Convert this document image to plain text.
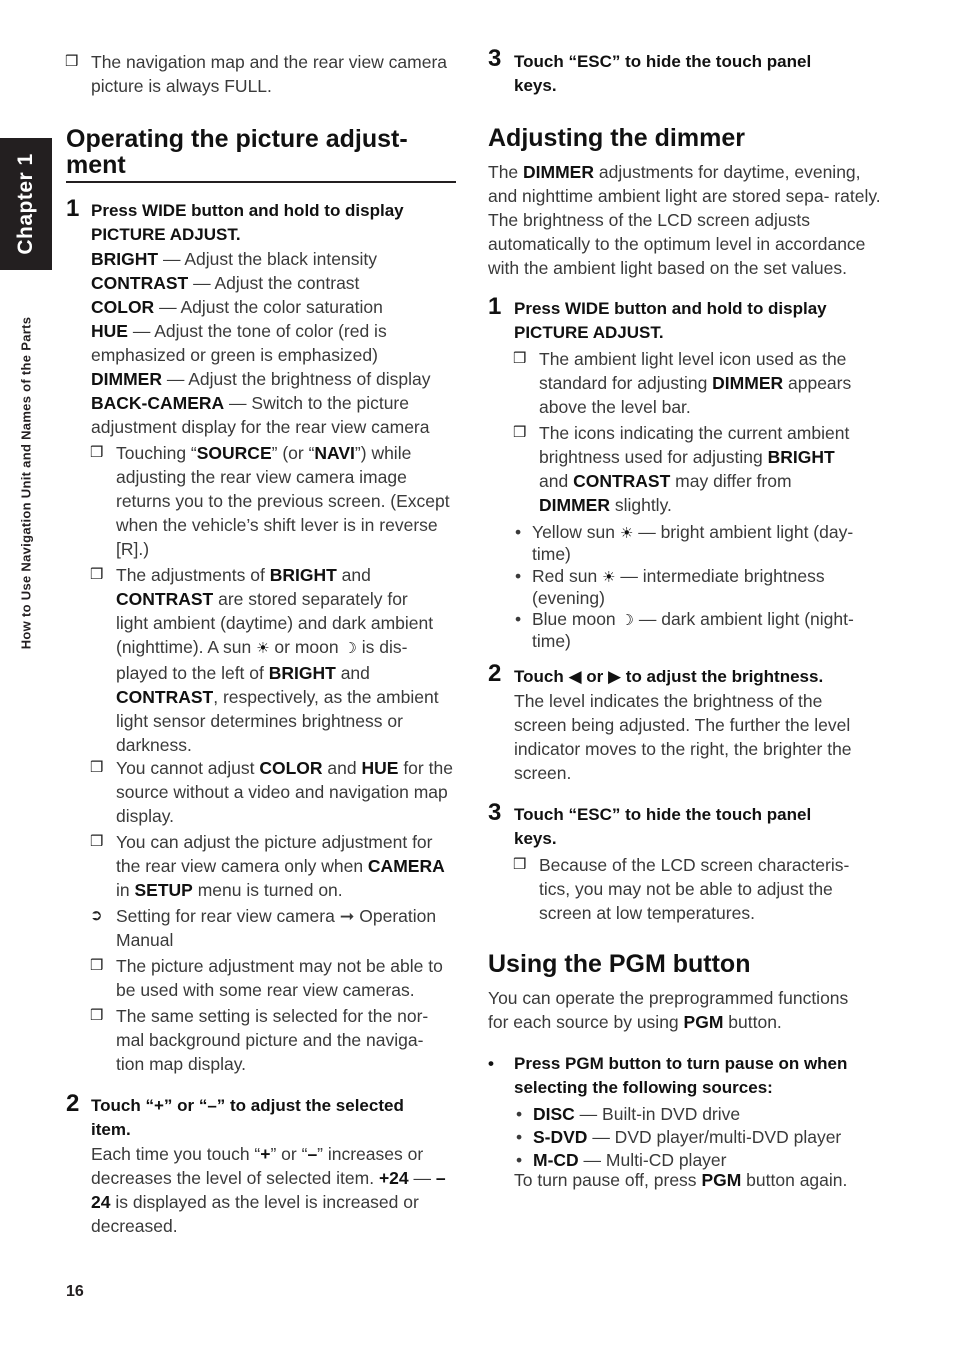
Chapter 1
How to Use Navigation Unit and Names of the Parts
16
❒ The navigation map and the rear view camera picture is always FULL.
Operating the picture adjust-
ment
1 Press WIDE button and hold to display
PICTURE ADJUST.
BRIGHT — Adjust the black intensity
CONTRAST — Adjust the contrast
COLOR — Adjust the color saturation
HUE — Adjust the tone of color (red is
emphasized or green is emphasized)
DIMMER — Adjust the brightness of display
BACK-CAMERA — Switch to the picture
adjustment display for the rear view camera
❒ Touching “SOURCE” (or “NAVI”) while adjusting the rear view camera image returns you to the previous screen. (Except when the vehicle’s shift lever is in reverse [R].)
❒ The adjustments of BRIGHT and
CONTRAST are stored separately for
light ambient (daytime) and dark ambient
(nighttime). A sun ☀ or moon ☽ is dis-
played to the left of BRIGHT and
CONTRAST, respectively, as the ambient
light sensor determines brightness or
darkness.
❒ You cannot adjust COLOR and HUE for the source without a video and navigation map display.
❒ You can adjust the picture adjustment for
the rear view camera only when CAMERA
in SETUP menu is turned on.
➲ Setting for rear view camera ➞ Operation
Manual
❒ The picture adjustment may not be able to be used with some rear view cameras.
❒ The same setting is selected for the nor-
mal background picture and the naviga-
tion map display.
2 Touch “+” or “–” to adjust the selected
item.
Each time you touch “+” or “–” increases or
decreases the level of selected item. +24 — –
24 is displayed as the level is increased or
decreased.
3 Touch “ESC” to hide the touch panel
keys.
Adjusting the dimmer
The DIMMER adjustments for daytime, evening, and nighttime ambient light are stored sepa- rately. The brightness of the LCD screen adjusts automatically to the optimum level in accordance with the ambient light based on the set values.
1 Press WIDE button and hold to display
PICTURE ADJUST.
❒ The ambient light level icon used as the
standard for adjusting DIMMER appears
above the level bar.
❒ The icons indicating the current ambient
brightness used for adjusting BRIGHT
and CONTRAST may differ from
DIMMER slightly.
• Yellow sun ☀ — bright ambient light (day-
time)
• Red sun ☀ — intermediate brightness
(evening)
• Blue moon ☽ — dark ambient light (night-
time)
2 Touch ◀ or ▶ to adjust the brightness.
The level indicates the brightness of the screen being adjusted. The further the level indicator moves to the right, the brighter the screen.
3 Touch “ESC” to hide the touch panel
keys.
❒ Because of the LCD screen characteris- tics, you may not be able to adjust the screen at low temperatures.
Using the PGM button
You can operate the preprogrammed functions
for each source by using PGM button.
•	Press PGM button to turn pause on when
selecting the following sources:
• DISC — Built-in DVD drive
• S-DVD — DVD player/multi-DVD player
• M-CD — Multi-CD player
To turn pause off, press PGM button again.
